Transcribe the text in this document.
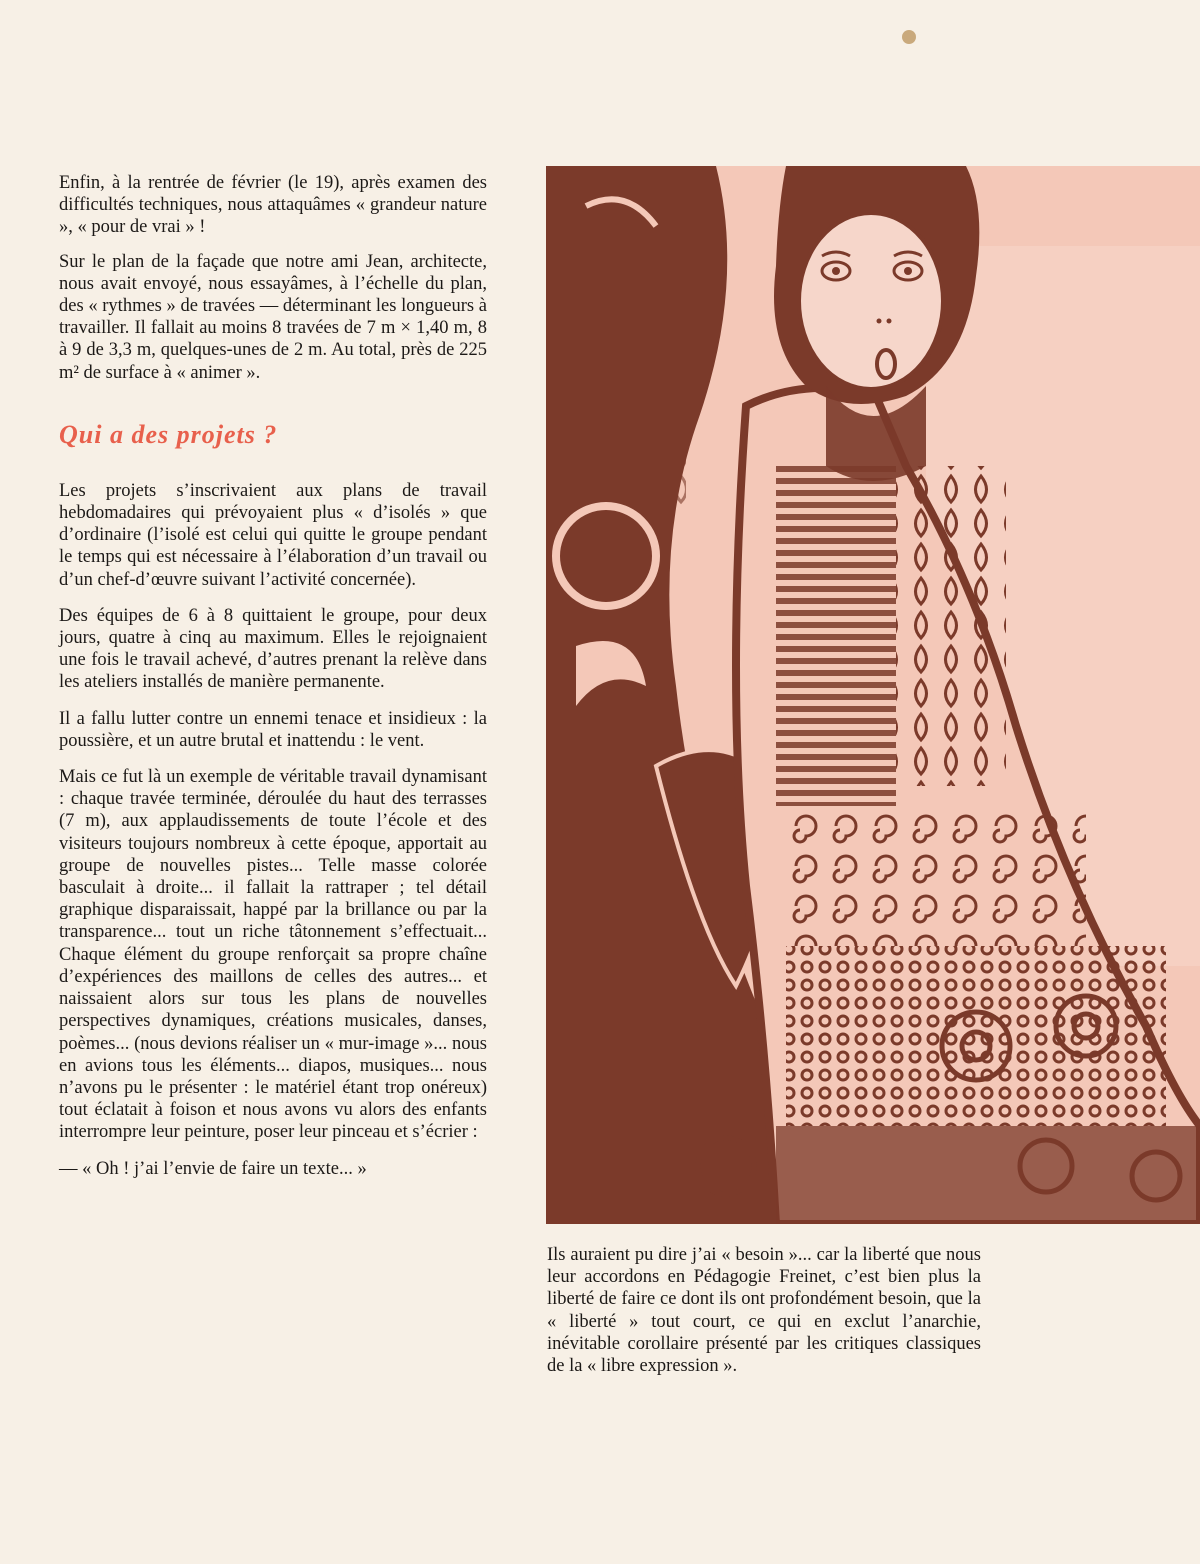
Enfin, à la rentrée de février (le 19), après examen des difficultés techniques, nous attaquâmes « grandeur nature », « pour de vrai » !

Sur le plan de la façade que notre ami Jean, architecte, nous avait envoyé, nous essayâmes, à l’échelle du plan, des « rythmes » de travées — déterminant les longueurs à travailler. Il fallait au moins 8 travées de 7 m × 1,40 m, 8 à 9 de 3,3 m, quelques-unes de 2 m. Au total, près de 225 m² de surface à « animer ».

Qui a des projets ?

Les projets s’inscrivaient aux plans de travail hebdomadaires qui prévoyaient plus « d’isolés » que d’ordinaire (l’isolé est celui qui quitte le groupe pendant le temps qui est nécessaire à l’élaboration d’un travail ou d’un chef-d’œuvre suivant l’activité concernée).

Des équipes de 6 à 8 quittaient le groupe, pour deux jours, quatre à cinq au maximum. Elles le rejoignaient une fois le travail achevé, d’autres prenant la relève dans les ateliers installés de manière permanente.

Il a fallu lutter contre un ennemi tenace et insidieux : la poussière, et un autre brutal et inattendu : le vent.

Mais ce fut là un exemple de véritable travail dynamisant : chaque travée terminée, déroulée du haut des terrasses (7 m), aux applaudissements de toute l’école et des visiteurs toujours nombreux à cette époque, apportait au groupe de nouvelles pistes... Telle masse colorée basculait à droite... il fallait la rattraper ; tel détail graphique disparaissait, happé par la brillance ou par la transparence... tout un riche tâtonnement s’effectuait... Chaque élément du groupe renforçait sa propre chaîne d’expériences des maillons de celles des autres... et naissaient alors sur tous les plans de nouvelles perspectives dynamiques, créations musicales, danses, poèmes... (nous devions réaliser un « mur-image »... nous en avions tous les éléments... diapos, musiques... nous n’avons pu le présenter : le matériel étant trop onéreux) tout éclatait à foison et nous avons vu alors des enfants interrompre leur peinture, poser leur pinceau et s’écrier :

— « Oh ! j’ai l’envie de faire un texte... »

Ils auraient pu dire j’ai « besoin »... car la liberté que nous leur accordons en Pédagogie Freinet, c’est bien plus la liberté de faire ce dont ils ont profondément besoin, que la « liberté » tout court, ce qui en exclut l’anarchie, inévitable corollaire présenté par les critiques classiques de la « libre expression ».
